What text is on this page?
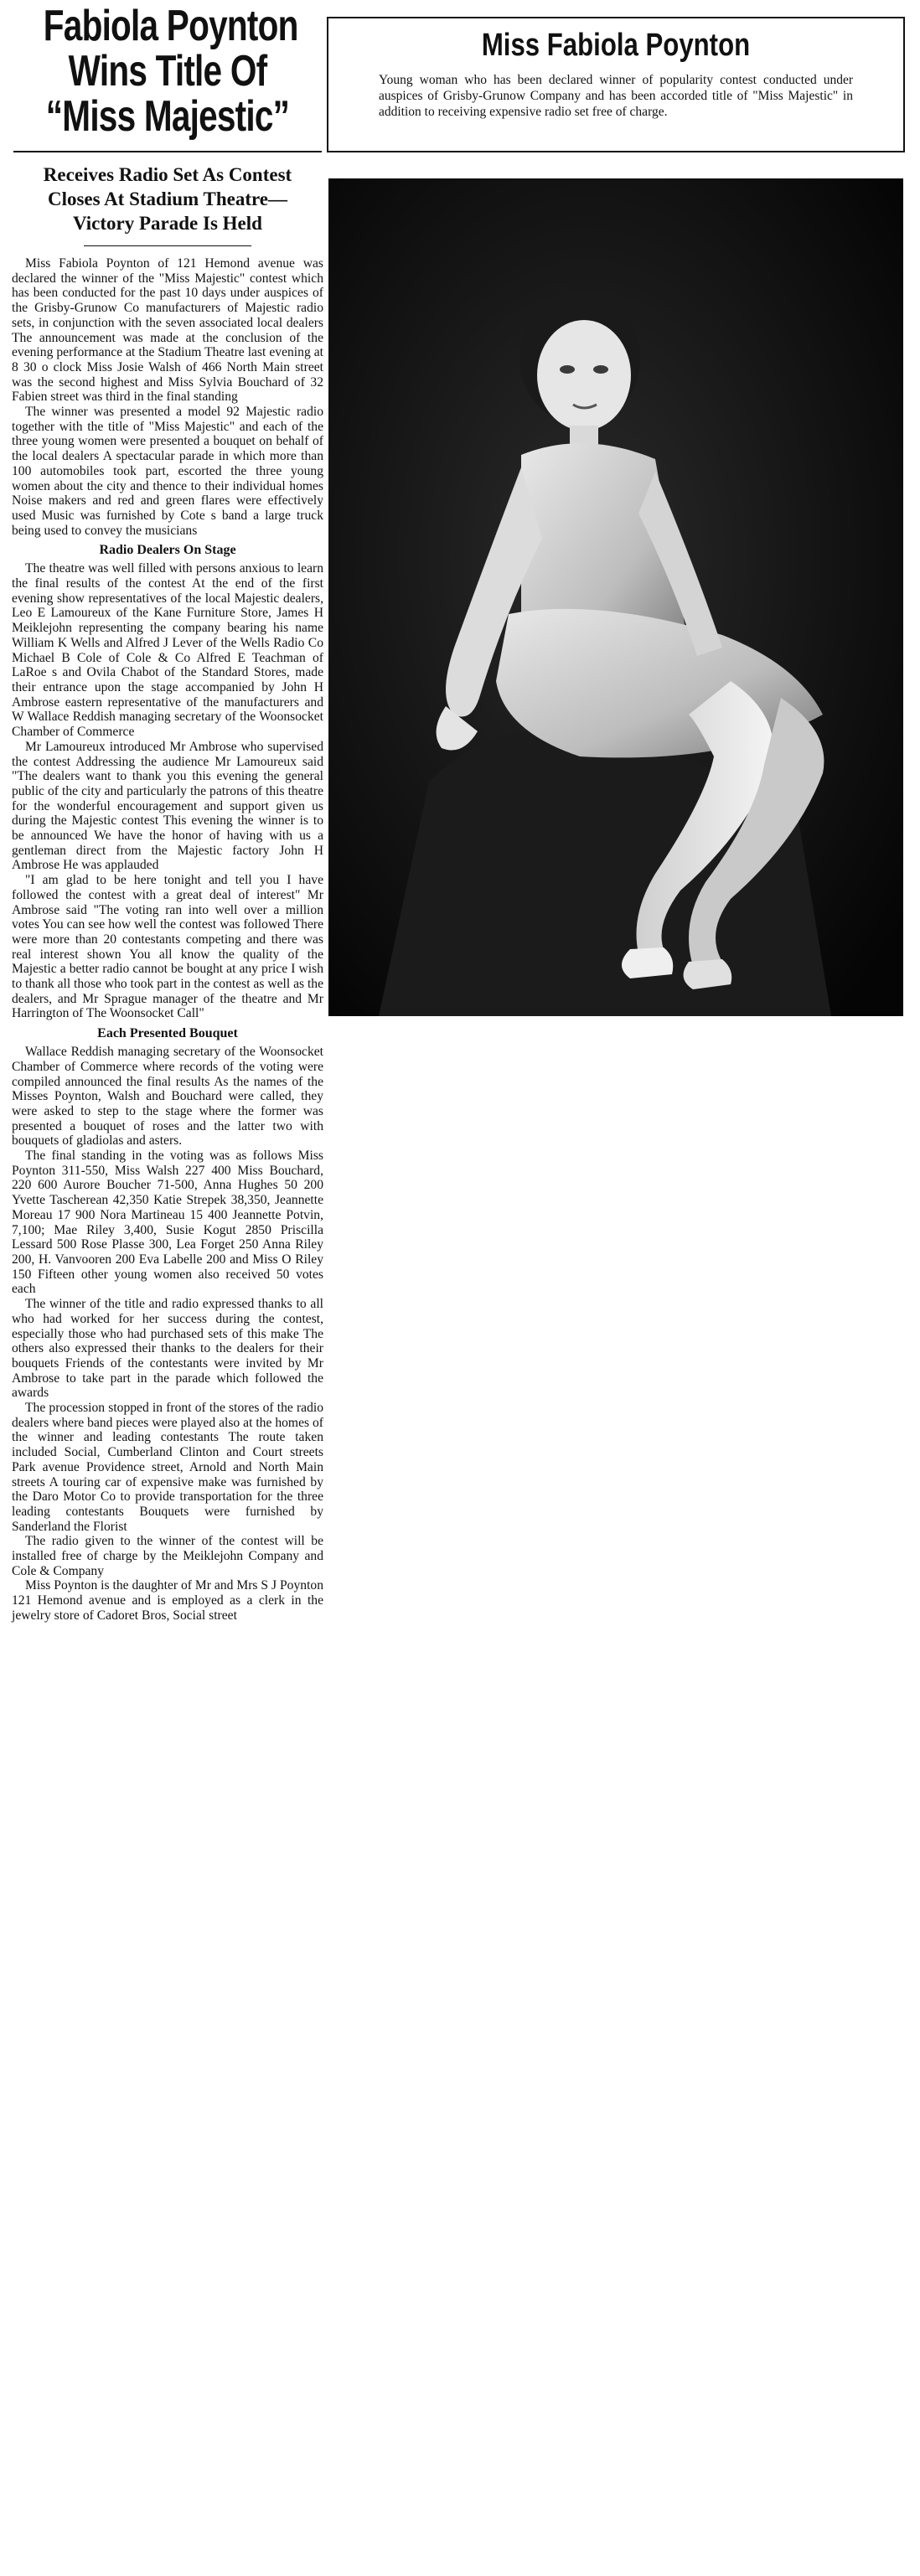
Fabiola Poynton
Wins Title Of
“Miss Majestic”
Receives Radio Set As Contest
Closes At Stadium Theatre—
Victory Parade Is Held

Miss Fabiola Poynton of 121 Hemond avenue was declared the winner of the "Miss Majestic" contest which has been conducted for the past 10 days under auspices of the Grisby-Grunow Co manufacturers of Majestic radio sets, in conjunction with the seven associated local dealers The announcement was made at the conclusion of the evening performance at the Stadium Theatre last evening at 8 30 o clock Miss Josie Walsh of 466 North Main street was the second highest and Miss Sylvia Bouchard of 32 Fabien street was third in the final standing

The winner was presented a model 92 Majestic radio together with the title of "Miss Majestic" and each of the three young women were presented a bouquet on behalf of the local dealers A spectacular parade in which more than 100 automobiles took part, escorted the three young women about the city and thence to their individual homes Noise makers and red and green flares were effectively used Music was furnished by Cote s band a large truck being used to convey the musicians

Radio Dealers On Stage

The theatre was well filled with persons anxious to learn the final results of the contest At the end of the first evening show representatives of the local Majestic dealers, Leo E Lamoureux of the Kane Furniture Store, James H Meiklejohn representing the company bearing his name William K Wells and Alfred J Lever of the Wells Radio Co Michael B Cole of Cole & Co Alfred E Teachman of LaRoe s and Ovila Chabot of the Standard Stores, made their entrance upon the stage accompanied by John H Ambrose eastern representative of the manufacturers and W Wallace Reddish managing secretary of the Woonsocket Chamber of Commerce

Mr Lamoureux introduced Mr Ambrose who supervised the contest Addressing the audience Mr Lamoureux said "The dealers want to thank you this evening the general public of the city and particularly the patrons of this theatre for the wonderful encouragement and support given us during the Majestic contest This evening the winner is to be announced We have the honor of having with us a gentleman direct from the Majestic factory John H Ambrose He was applauded

"I am glad to be here tonight and tell you I have followed the contest with a great deal of interest" Mr Ambrose said "The voting ran into well over a million votes You can see how well the contest was followed There were more than 20 contestants competing and there was real interest shown You all know the quality of the Majestic a better radio cannot be bought at any price I wish to thank all those who took part in the contest as well as the dealers, and Mr Sprague manager of the theatre and Mr Harrington of The Woonsocket Call"

Each Presented Bouquet

Wallace Reddish managing secretary of the Woonsocket Chamber of Commerce where records of the voting were compiled announced the final results As the names of the Misses Poynton, Walsh and Bouchard were called, they were asked to step to the stage where the former was presented a bouquet of roses and the latter two with bouquets of gladiolas and asters.

The final standing in the voting was as follows Miss Poynton 311-550, Miss Walsh 227 400 Miss Bouchard, 220 600 Aurore Boucher 71-500, Anna Hughes 50 200 Yvette Tascherean 42,350 Katie Strepek 38,350, Jeannette Moreau 17 900 Nora Martineau 15 400 Jeannette Potvin, 7,100; Mae Riley 3,400, Susie Kogut 2850 Priscilla Lessard 500 Rose Plasse 300, Lea Forget 250 Anna Riley 200, H. Vanvooren 200 Eva Labelle 200 and Miss O Riley 150 Fifteen other young women also received 50 votes each

The winner of the title and radio expressed thanks to all who had worked for her success during the contest, especially those who had purchased sets of this make The others also expressed their thanks to the dealers for their bouquets Friends of the contestants were invited by Mr Ambrose to take part in the parade which followed the awards

The procession stopped in front of the stores of the radio dealers where band pieces were played also at the homes of the winner and leading contestants The route taken included Social, Cumberland Clinton and Court streets Park avenue Providence street, Arnold and North Main streets A touring car of expensive make was furnished by the Daro Motor Co to provide transportation for the three leading contestants Bouquets were furnished by Sanderland the Florist

The radio given to the winner of the contest will be installed free of charge by the Meiklejohn Company and Cole & Company

Miss Poynton is the daughter of Mr and Mrs S J Poynton 121 Hemond avenue and is employed as a clerk in the jewelry store of Cadoret Bros, Social street

Miss Fabiola Poynton
Young woman who has been declared winner of popularity contest conducted under auspices of Grisby-Grunow Company and has been accorded title of "Miss Majestic" in addition to receiving expensive radio set free of charge.
